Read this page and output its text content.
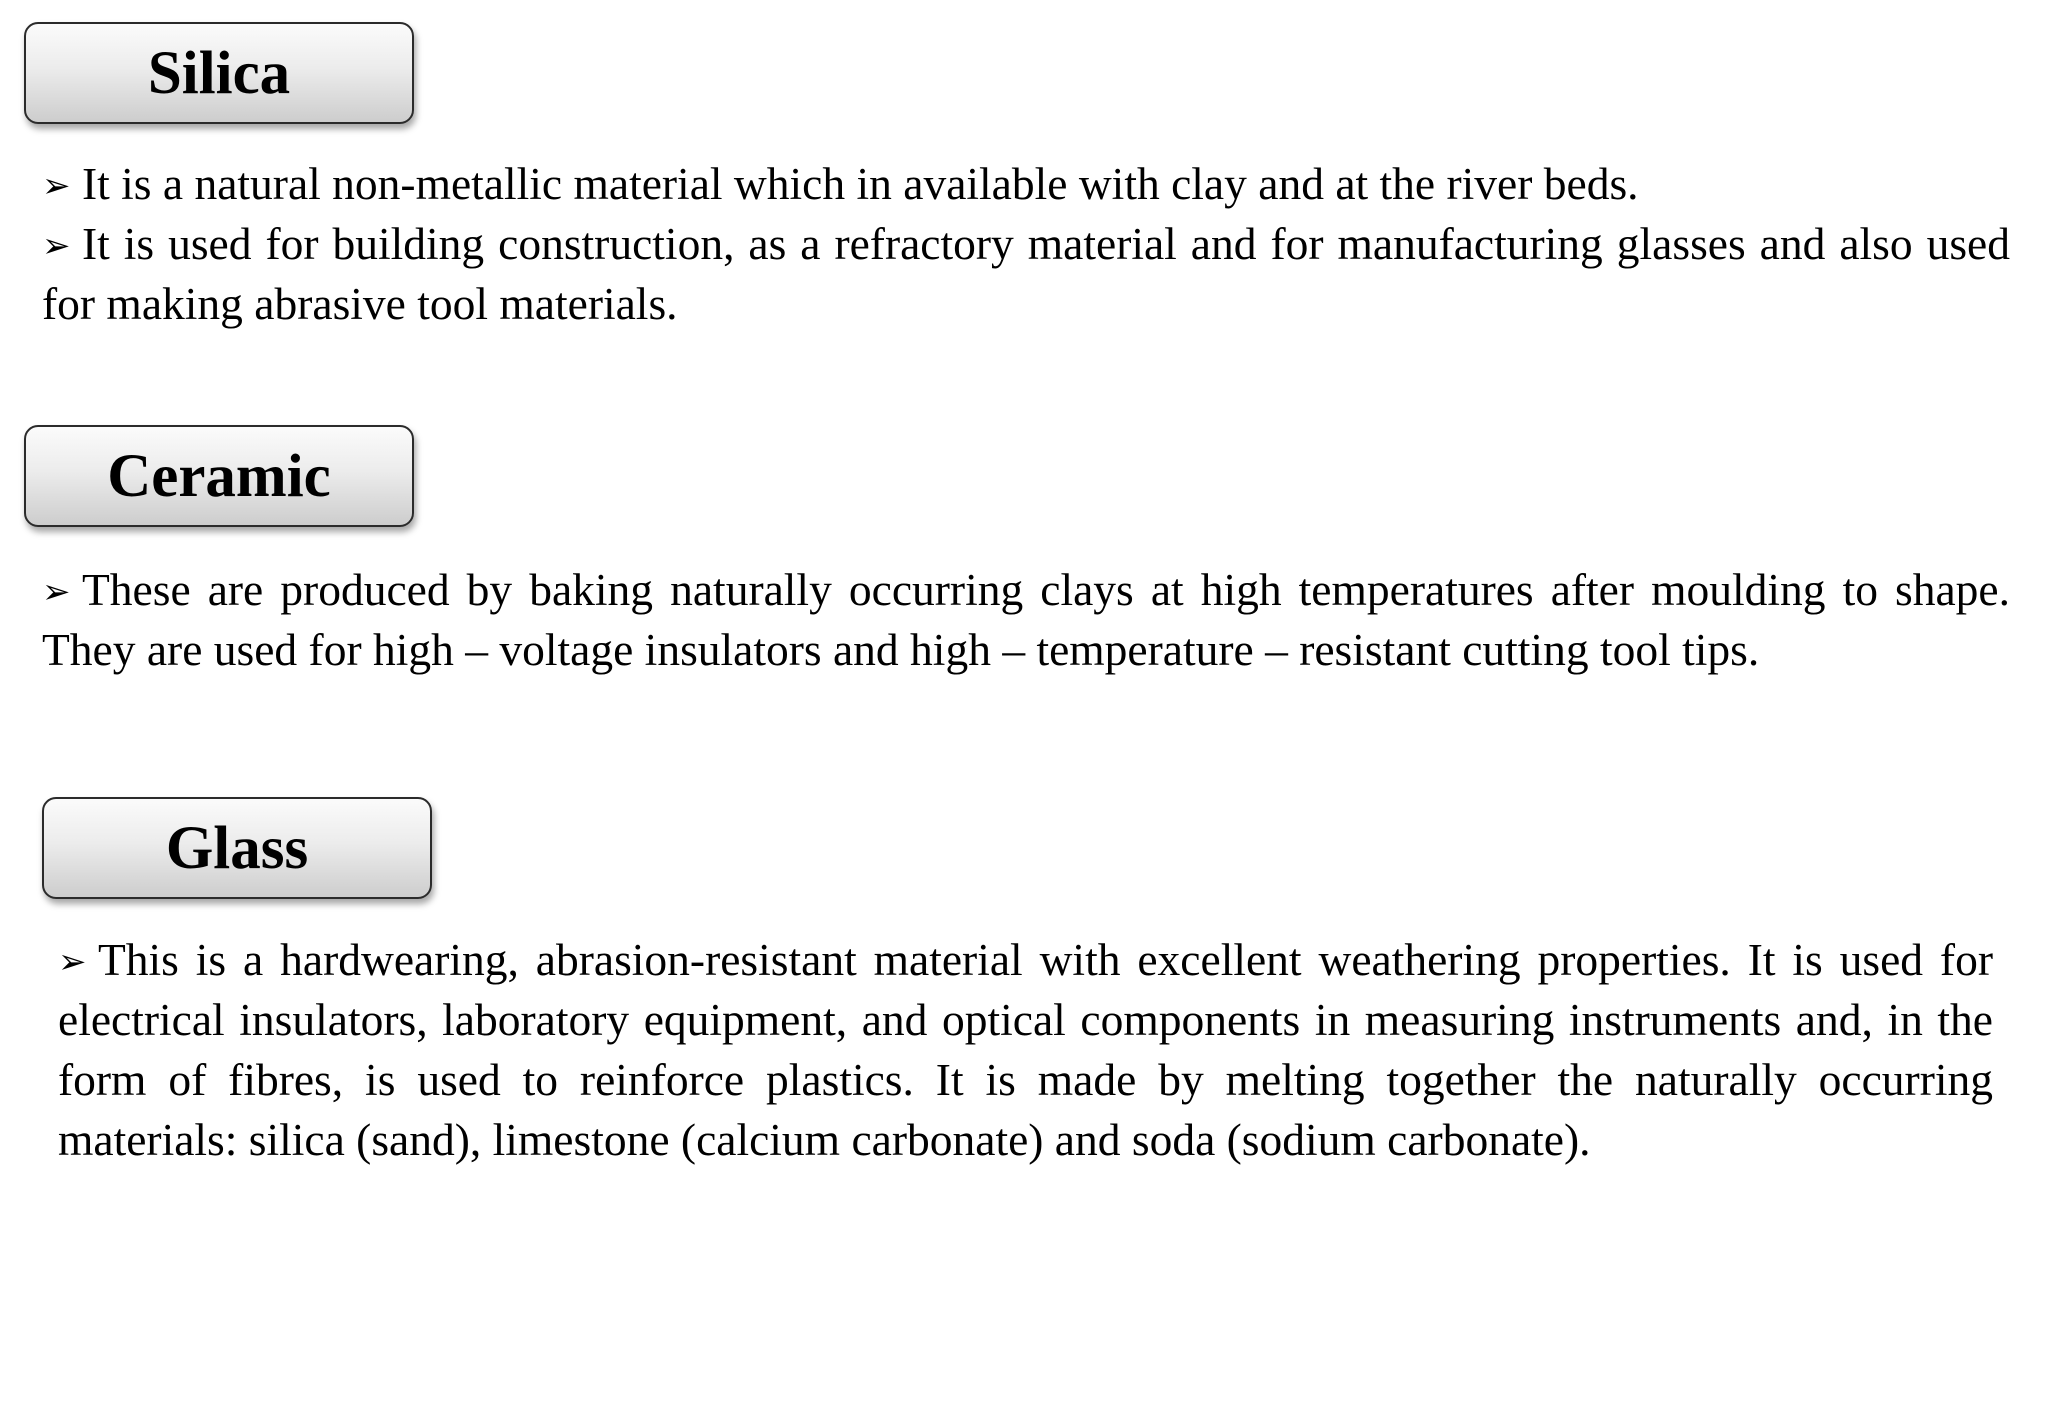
Silica

➢ It is a natural non-metallic material which in available with clay and at the river beds.

➢ It is used for building construction, as a refractory material and for manufacturing glasses and also used for making abrasive tool materials.

Ceramic

➢ These are produced by baking naturally occurring clays at high temperatures after moulding to shape. They are used for high – voltage insulators and high – temperature – resistant cutting tool tips.

Glass

➢ This is a hardwearing, abrasion-resistant material with excellent weathering properties. It is used for electrical insulators, laboratory equipment, and optical components in measuring instruments and, in the form of fibres, is used to reinforce plastics. It is made by melting together the naturally occurring materials: silica (sand), limestone (calcium carbonate) and soda (sodium carbonate).
